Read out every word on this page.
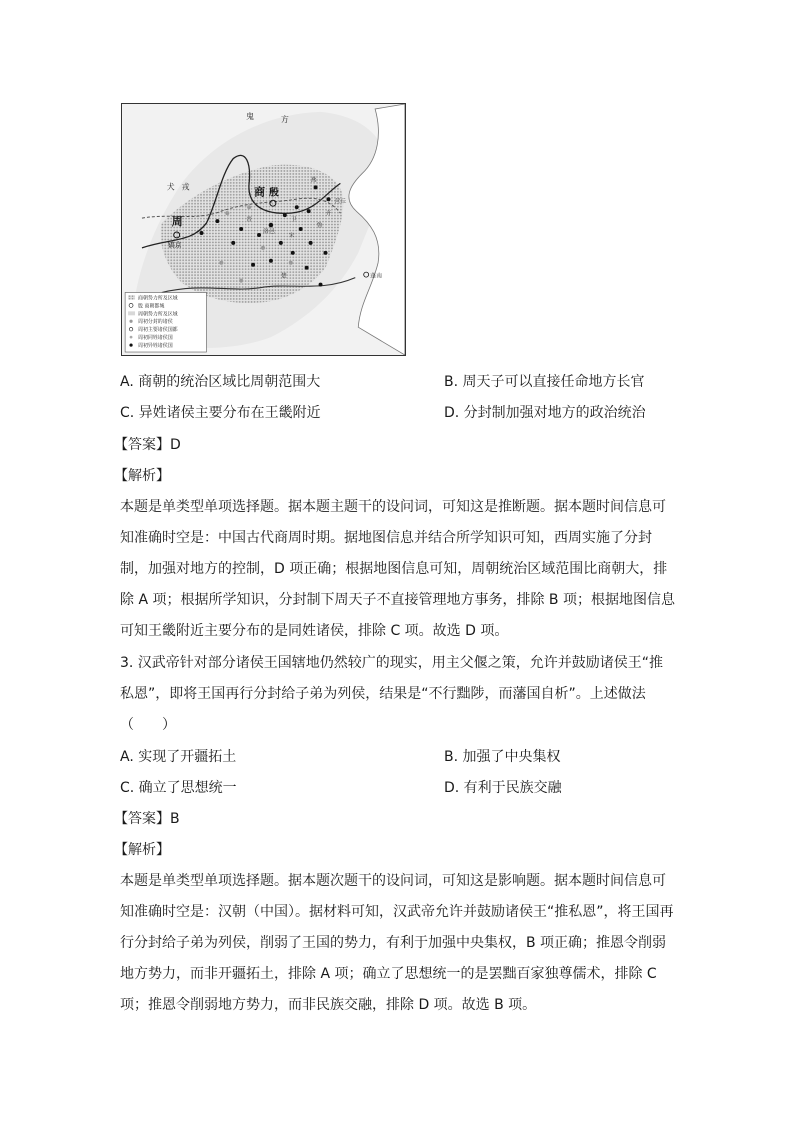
鬼	方
犬 戎	商 殷
周
镐京
燕
营丘
齐
鲁
卫
晋
洛邑
宋
楚	蓬南
商朝势力所及区域
殷 商朝都城
周朝势力所及区域
周初分封的诸侯
周初主要诸侯国都
周初同姓诸侯国
周初异姓诸侯国
A. 商朝的统治区域比周朝范围大	B. 周天子可以直接任命地方长官
C. 异姓诸侯主要分布在王畿附近	D. 分封制加强对地方的政治统治
【答案】D
【解析】
本题是单类型单项选择题。据本题主题干的设问词，可知这是推断题。据本题时间信息可
知准确时空是：中国古代商周时期。据地图信息并结合所学知识可知，西周实施了分封
制，加强对地方的控制，D 项正确；根据地图信息可知，周朝统治区域范围比商朝大，排
除 A 项；根据所学知识，分封制下周天子不直接管理地方事务，排除 B 项；根据地图信息
可知王畿附近主要分布的是同姓诸侯，排除 C 项。故选 D 项。
3. 汉武帝针对部分诸侯王国辖地仍然较广的现实，用主父偃之策，允许并鼓励诸侯王“推
私恩”，即将王国再行分封给子弟为列侯，结果是“不行黜陟，而藩国自析”。上述做法
（　　）
A. 实现了开疆拓土	B. 加强了中央集权
C. 确立了思想统一	D. 有利于民族交融
【答案】B
【解析】
本题是单类型单项选择题。据本题次题干的设问词，可知这是影响题。据本题时间信息可
知准确时空是：汉朝（中国）。据材料可知，汉武帝允许并鼓励诸侯王“推私恩”，将王国再
行分封给子弟为列侯，削弱了王国的势力，有利于加强中央集权，B 项正确；推恩令削弱
地方势力，而非开疆拓土，排除 A 项；确立了思想统一的是罢黜百家独尊儒术，排除 C
项；推恩令削弱地方势力，而非民族交融，排除 D 项。故选 B 项。
